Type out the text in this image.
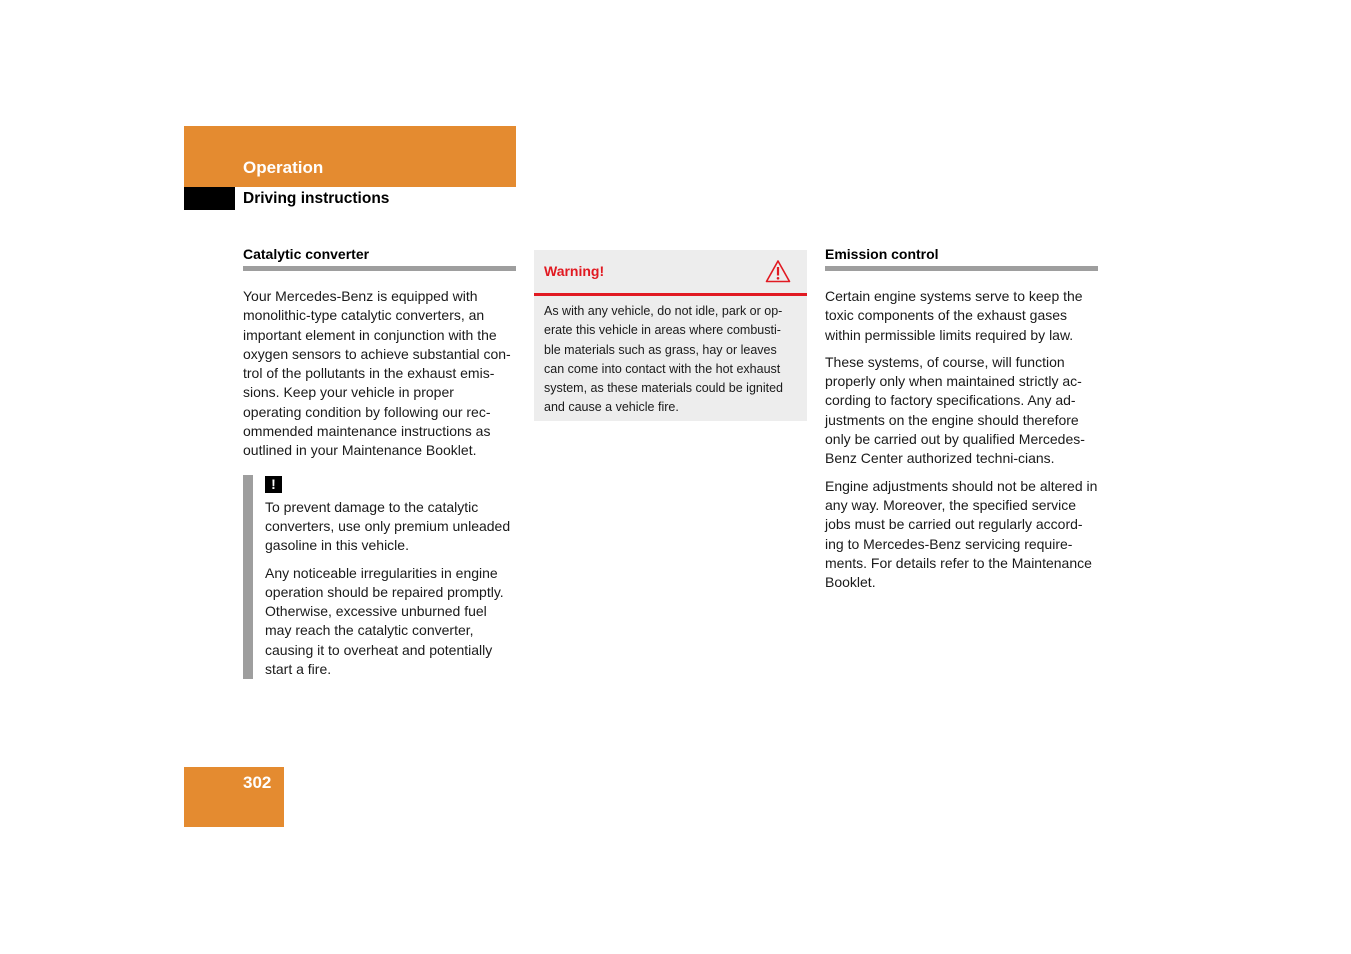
Operation
Driving instructions
Catalytic converter

Your Mercedes-Benz is equipped with monolithic-type catalytic converters, an important element in conjunction with the oxygen sensors to achieve substantial con-trol of the pollutants in the exhaust emis-sions. Keep your vehicle in proper operating condition by following our rec-ommended maintenance instructions as outlined in your Maintenance Booklet.

!

To prevent damage to the catalytic converters, use only premium unleaded gasoline in this vehicle.

Any noticeable irregularities in engine operation should be repaired promptly. Otherwise, excessive unburned fuel may reach the catalytic converter, causing it to overheat and potentially start a fire.

Warning!
As with any vehicle, do not idle, park or op-erate this vehicle in areas where combusti-ble materials such as grass, hay or leaves can come into contact with the hot exhaust system, as these materials could be ignited and cause a vehicle fire.
Emission control

Certain engine systems serve to keep the toxic components of the exhaust gases within permissible limits required by law.

These systems, of course, will function properly only when maintained strictly ac-cording to factory specifications. Any ad-justments on the engine should therefore only be carried out by qualified Mercedes-Benz Center authorized techni-cians.

Engine adjustments should not be altered in any way. Moreover, the specified service jobs must be carried out regularly accord-ing to Mercedes-Benz servicing require-ments. For details refer to the Maintenance Booklet.

302
